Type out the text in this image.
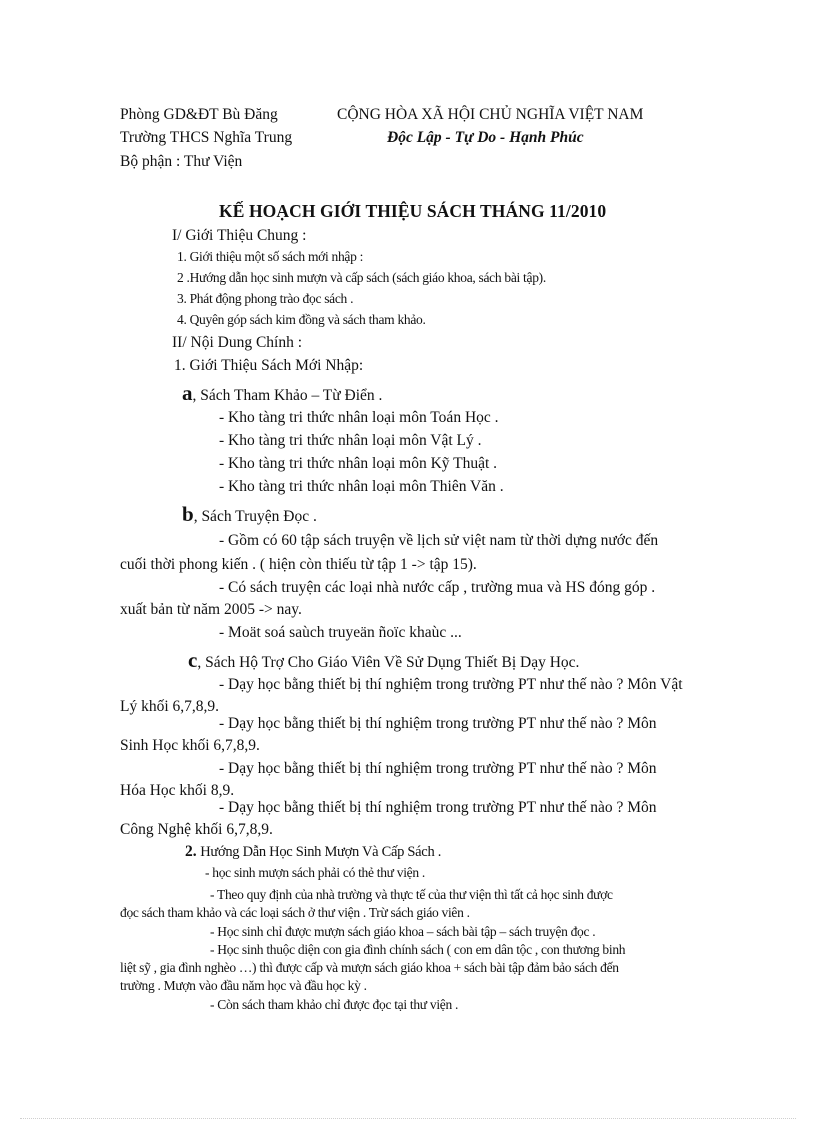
Phòng GD&ĐT Bù Đăng	CỘNG HÒA XÃ HỘI CHỦ NGHĨA VIỆT NAM
Trường THCS Nghĩa Trung	Độc Lập - Tự Do - Hạnh Phúc
Bộ phận : Thư Viện
KẾ HOẠCH GIỚI THIỆU SÁCH THÁNG 11/2010
I/ Giới Thiệu Chung :
1. Giới thiệu một số sách mới nhập :
2 .Hướng dẫn học sinh mượn và cấp sách (sách giáo khoa, sách bài tập).
3. Phát động phong trào đọc sách .
4. Quyên góp sách kim đồng và sách tham khảo.
II/ Nội Dung Chính :
1. Giới Thiệu Sách Mới Nhập:
a, Sách Tham Khảo – Từ Điển .
- Kho tàng tri thức nhân loại môn Toán Học .
- Kho tàng tri thức nhân loại môn Vật Lý .
- Kho tàng tri thức nhân loại môn Kỹ Thuật .
- Kho tàng tri thức nhân loại môn Thiên Văn .
b, Sách Truyện Đọc .
- Gồm có 60 tập sách truyện về lịch sử việt nam từ thời dựng nước đến
cuối thời phong kiến . ( hiện còn thiếu từ tập 1 -> tập 15).
- Có sách truyện các loại nhà nước cấp , trường mua và HS đóng góp .
xuất bản từ năm 2005 -> nay.
- Moät soá saùch truyeän ñoïc khaùc ...
c, Sách Hộ Trợ Cho Giáo Viên Về Sử Dụng Thiết Bị Dạy Học.
- Dạy học bằng thiết bị thí nghiệm trong trường PT như thế nào ? Môn Vật
Lý khối 6,7,8,9.
- Dạy học bằng thiết bị thí nghiệm trong trường PT như thế nào ? Môn
Sinh Học khối 6,7,8,9.
- Dạy học bằng thiết bị thí nghiệm trong trường PT như thế nào ? Môn
Hóa Học khối 8,9.
- Dạy học bằng thiết bị thí nghiệm trong trường PT như thế nào ? Môn
Công Nghệ khối 6,7,8,9.
2. Hướng Dẫn Học Sinh Mượn Và Cấp Sách .
- học sinh mượn sách phải có thẻ thư viện .
- Theo quy định của nhà trường và thực tế của thư viện thì tất cả học sinh được
đọc sách tham khảo và các loại sách ở thư viện . Trừ sách giáo viên .
- Học sinh chỉ được mượn sách giáo khoa – sách bài tập – sách truyện đọc .
- Học sinh thuộc diện con gia đình chính sách ( con em dân tộc , con thương binh
liệt sỹ , gia đình nghèo …) thì được cấp và mượn sách giáo khoa + sách bài tập đảm bảo sách đến
trường . Mượn vào đầu năm học và đầu học kỳ .
- Còn sách tham khảo chỉ được đọc tại thư viện .
